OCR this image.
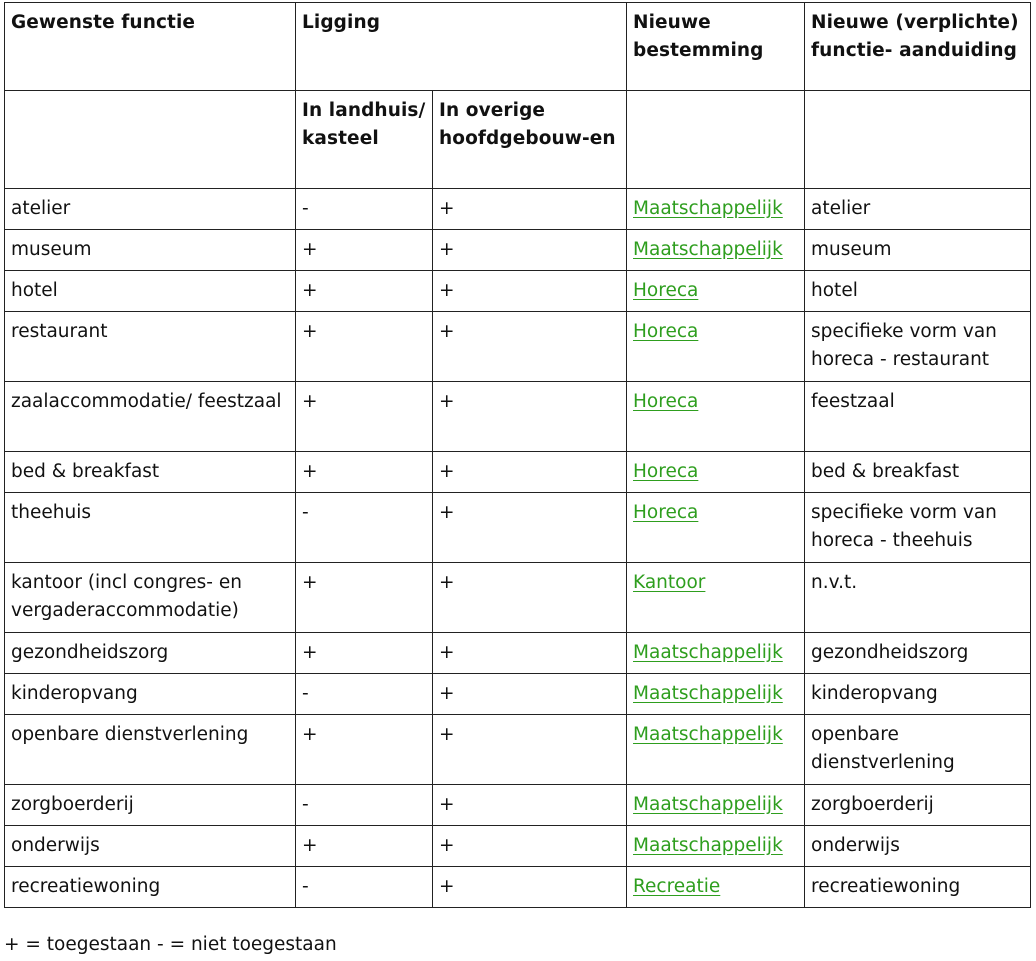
Gewenste functie	Ligging		Nieuwe bestemming	Nieuwe (verplichte) functie- aanduiding
	In landhuis/ kasteel	In overige hoofdgebouw-en		
atelier	-	+	Maatschappelijk	atelier
museum	+	+	Maatschappelijk	museum
hotel	+	+	Horeca	hotel
restaurant	+	+	Horeca	specifieke vorm van horeca - restaurant
zaalaccommodatie/ feestzaal	+	+	Horeca	feestzaal
bed & breakfast	+	+	Horeca	bed & breakfast
theehuis	-	+	Horeca	specifieke vorm van horeca - theehuis
kantoor (incl congres- en vergaderaccommodatie)	+	+	Kantoor	n.v.t.
gezondheidszorg	+	+	Maatschappelijk	gezondheidszorg
kinderopvang	-	+	Maatschappelijk	kinderopvang
openbare dienstverlening	+	+	Maatschappelijk	openbare dienstverlening
zorgboerderij	-	+	Maatschappelijk	zorgboerderij
onderwijs	+	+	Maatschappelijk	onderwijs
recreatiewoning	-	+	Recreatie	recreatiewoning
+ = toegestaan - = niet toegestaan
